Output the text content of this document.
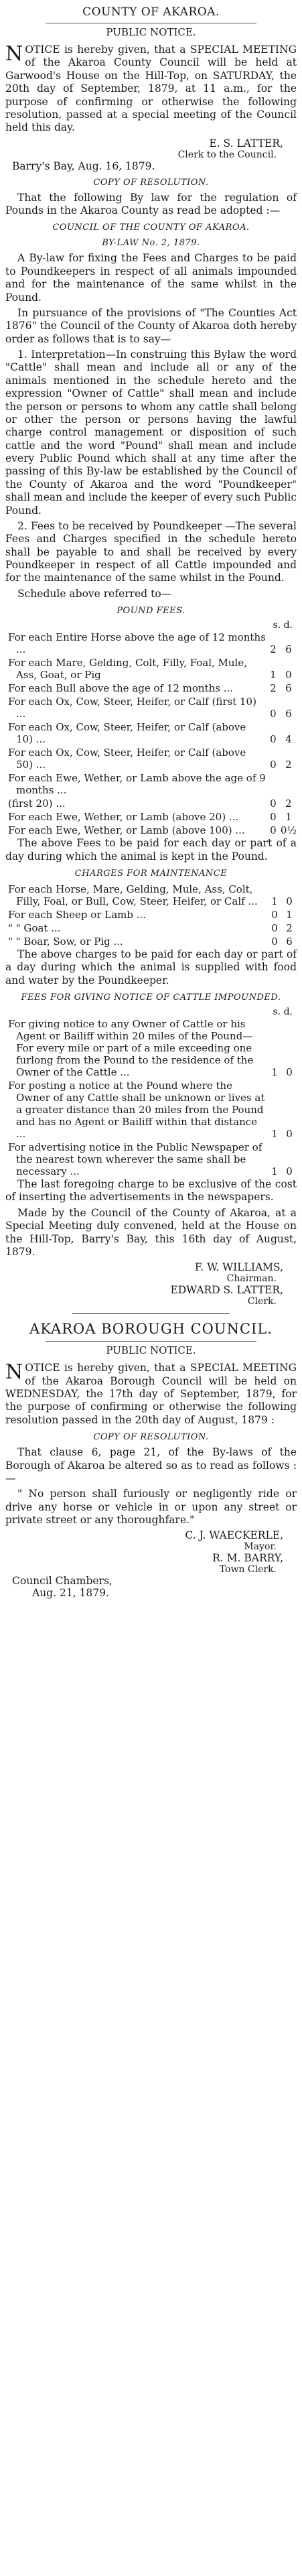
COUNTY OF AKAROA.
PUBLIC NOTICE.

NOTICE is hereby given, that a SPECIAL MEETING of the Akaroa County Council will be held at Garwood's House on the Hill-Top, on SATURDAY, the 20th day of September, 1879, at 11 a.m., for the purpose of confirming or otherwise the following resolution, passed at a special meeting of the Council held this day.

E. S. LATTER,
Clerk to the Council.
Barry's Bay, Aug. 16, 1879.
COPY OF RESOLUTION.

That the following By law for the regulation of Pounds in the Akaroa County as read be adopted :—

COUNCIL OF THE COUNTY OF AKAROA.
BY-LAW No. 2, 1879.

A By-law for fixing the Fees and Charges to be paid to Poundkeepers in respect of all animals impounded and for the maintenance of the same whilst in the Pound.

In pursuance of the provisions of "The Counties Act 1876" the Council of the County of Akaroa doth hereby order as follows that is to say—

1. Interpretation—In construing this Bylaw the word "Cattle" shall mean and include all or any of the animals mentioned in the schedule hereto and the expression "Owner of Cattle" shall mean and include the person or persons to whom any cattle shall belong or other the person or persons having the lawful charge control management or disposition of such cattle and the word "Pound" shall mean and include every Public Pound which shall at any time after the passing of this By-law be established by the Council of the County of Akaroa and the word "Poundkeeper" shall mean and include the keeper of every such Public Pound.

2. Fees to be received by Poundkeeper —The several Fees and Charges specified in the schedule hereto shall be payable to and shall be received by every Poundkeeper in respect of all Cattle impounded and for the maintenance of the same whilst in the Pound.

Schedule above referred to—

POUND FEES.
s. d.
For each Entire Horse above the age of 12 months ...	2	6
For each Mare, Gelding, Colt, Filly, Foal, Mule, Ass, Goat, or Pig	1	0
For each Bull above the age of 12 months ...	2	6
For each Ox, Cow, Steer, Heifer, or Calf (first 10) ...	0	6
For each Ox, Cow, Steer, Heifer, or Calf (above 10) ...	0	4
For each Ox, Cow, Steer, Heifer, or Calf (above 50) ...	0	2
For each Ewe, Wether, or Lamb above the age of 9 months ...		
(first 20) ...	0	2
For each Ewe, Wether, or Lamb (above 20) ...	0	1
For each Ewe, Wether, or Lamb (above 100) ...	0	0½

The above Fees to be paid for each day or part of a day during which the animal is kept in the Pound.

CHARGES FOR MAINTENANCE
For each Horse, Mare, Gelding, Mule, Ass, Colt, Filly, Foal, or Bull, Cow, Steer, Heifer, or Calf ...	1	0
For each Sheep or Lamb ...	0	1
" " Goat ...	0	2
" " Boar, Sow, or Pig ...	0	6

The above charges to be paid for each day or part of a day during which the animal is supplied with food and water by the Poundkeeper.

FEES FOR GIVING NOTICE OF CATTLE IMPOUNDED.
s. d.
For giving notice to any Owner of Cattle or his Agent or Bailiff within 20 miles of the Pound—For every mile or part of a mile exceeding one furlong from the Pound to the residence of the Owner of the Cattle ...	1	0
For posting a notice at the Pound where the Owner of any Cattle shall be unknown or lives at a greater distance than 20 miles from the Pound and has no Agent or Bailiff within that distance ...	1	0
For advertising notice in the Public Newspaper of the nearest town wherever the same shall be necessary ...	1	0

The last foregoing charge to be exclusive of the cost of inserting the advertisements in the newspapers.

Made by the Council of the County of Akaroa, at a Special Meeting duly convened, held at the House on the Hill-Top, Barry's Bay, this 16th day of August, 1879.

F. W. WILLIAMS,
Chairman.
EDWARD S. LATTER,
Clerk.
AKAROA BOROUGH COUNCIL.
PUBLIC NOTICE.

NOTICE is hereby given, that a SPECIAL MEETING of the Akaroa Borough Council will be held on WEDNESDAY, the 17th day of September, 1879, for the purpose of confirming or otherwise the following resolution passed in the 20th day of August, 1879 :

COPY OF RESOLUTION.

That clause 6, page 21, of the By-laws of the Borough of Akaroa be altered so as to read as follows :—

" No person shall furiously or negligently ride or drive any horse or vehicle in or upon any street or private street or any thoroughfare."

C. J. WAECKERLE,
Mayor.
R. M. BARRY,
Town Clerk.
Council Chambers,
Aug. 21, 1879.
